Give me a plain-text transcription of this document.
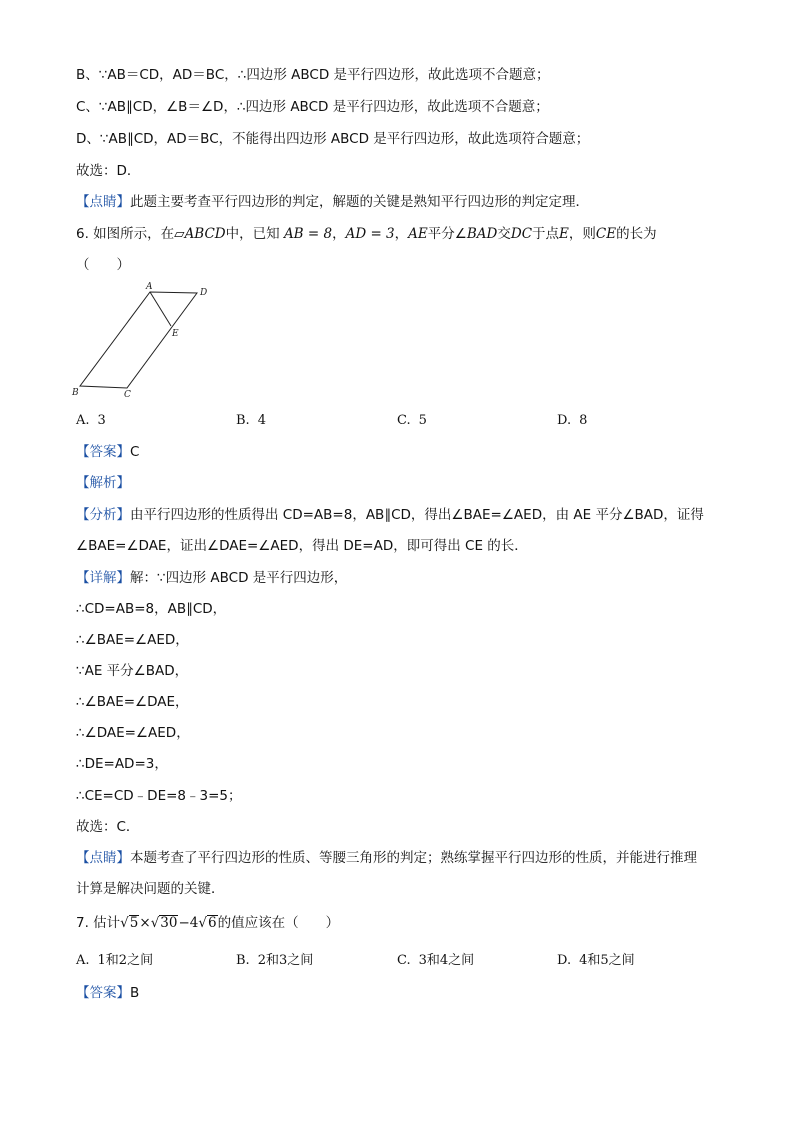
B、∵AB＝CD，AD＝BC，∴四边形 ABCD 是平行四边形，故此选项不合题意；
C、∵AB∥CD，∠B＝∠D，∴四边形 ABCD 是平行四边形，故此选项不合题意；
D、∵AB∥CD，AD＝BC，不能得出四边形 ABCD 是平行四边形，故此选项符合题意；
故选：D．
【点睛】此题主要考查平行四边形的判定，解题的关键是熟知平行四边形的判定定理．
6. 如图所示，在▱ABCD中，已知 AB = 8，AD = 3，AE平分∠BAD交DC于点E，则CE的长为
（　　）
A
D
E
B	C
A. 3	B. 4	C. 5	D. 8
【答案】C
【解析】
【分析】由平行四边形的性质得出 CD=AB=8，AB∥CD，得出∠BAE=∠AED，由 AE 平分∠BAD，证得
∠BAE=∠DAE，证出∠DAE=∠AED，得出 DE=AD，即可得出 CE 的长．
【详解】解：∵四边形 ABCD 是平行四边形，
∴CD=AB=8，AB∥CD，
∴∠BAE=∠AED，
∵AE 平分∠BAD，
∴∠BAE=∠DAE，
∴∠DAE=∠AED，
∴DE=AD=3，
∴CE=CD﹣DE=8﹣3=5；
故选：C．
【点睛】本题考查了平行四边形的性质、等腰三角形的判定；熟练掌握平行四边形的性质，并能进行推理
计算是解决问题的关键．
7. 估计√5×√30−4√6的值应该在（　　）
A. 1和2之间	B. 2和3之间	C. 3和4之间	D. 4和5之间
【答案】B
